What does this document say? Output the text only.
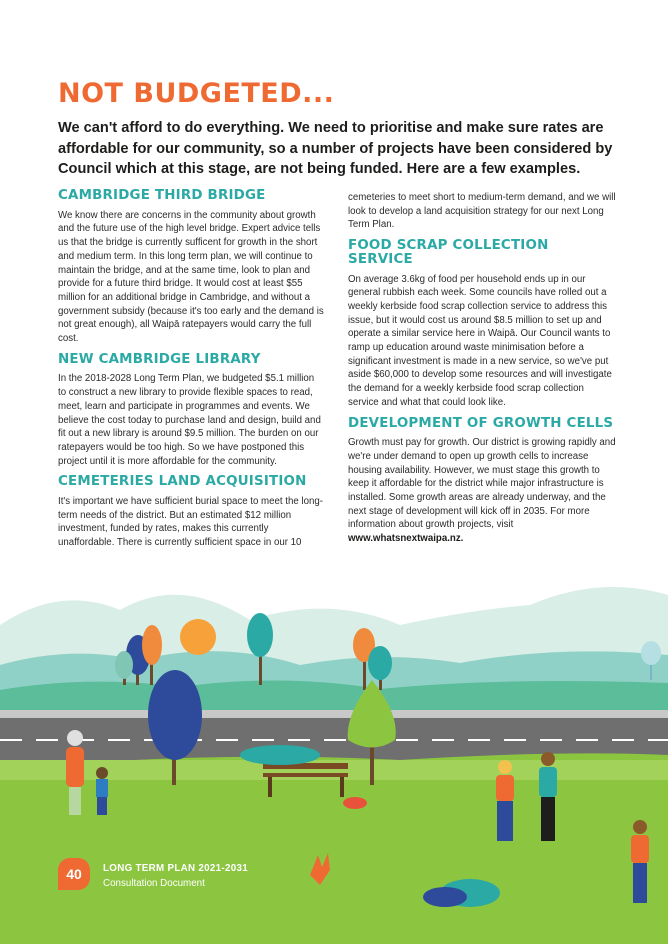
NOT BUDGETED...

We can't afford to do everything. We need to prioritise and make sure rates are affordable for our community, so a number of projects have been considered by Council which at this stage, are not being funded. Here are a few examples.

CAMBRIDGE THIRD BRIDGE

We know there are concerns in the community about growth and the future use of the high level bridge. Expert advice tells us that the bridge is currently sufficent for growth in the short and medium term. In this long term plan, we will continue to maintain the bridge, and at the same time, look to plan and provide for a future third bridge. It would cost at least $55 million for an additional bridge in Cambridge, and without a government subsidy (because it's too early and the demand is not great enough), all Waipā ratepayers would carry the full cost.

NEW CAMBRIDGE LIBRARY

In the 2018-2028 Long Term Plan, we budgeted $5.1 million to construct a new library to provide flexible spaces to read, meet, learn and participate in programmes and events. We believe the cost today to purchase land and design, build and fit out a new library is around $9.5 million. The burden on our ratepayers would be too high. So we have postponed this project until it is more affordable for the community.

CEMETERIES LAND ACQUISITION

It's important we have sufficient burial space to meet the long-term needs of the district. But an estimated $12 million investment, funded by rates, makes this currently unaffordable. There is currently sufficient space in our 10

cemeteries to meet short to medium-term demand, and we will look to develop a land acquisition strategy for our next Long Term Plan.

FOOD SCRAP COLLECTION SERVICE

On average 3.6kg of food per household ends up in our general rubbish each week. Some councils have rolled out a weekly kerbside food scrap collection service to address this issue, but it would cost us around $8.5 million to set up and operate a similar service here in Waipā. Our Council wants to ramp up education around waste minimisation before a significant investment is made in a new service, so we've put aside $60,000 to develop some resources and will investigate the demand for a weekly kerbside food scrap collection service and what that could look like.

DEVELOPMENT OF GROWTH CELLS

Growth must pay for growth. Our district is growing rapidly and we're under demand to open up growth cells to increase housing availability. However, we must stage this growth to keep it affordable for the district while major infrastructure is installed. Some growth areas are already underway, and the next stage of development will kick off in 2035. For more information about growth projects, visit
www.whatsnextwaipa.nz.

40	LONG TERM PLAN 2021-2031
Consultation Document
